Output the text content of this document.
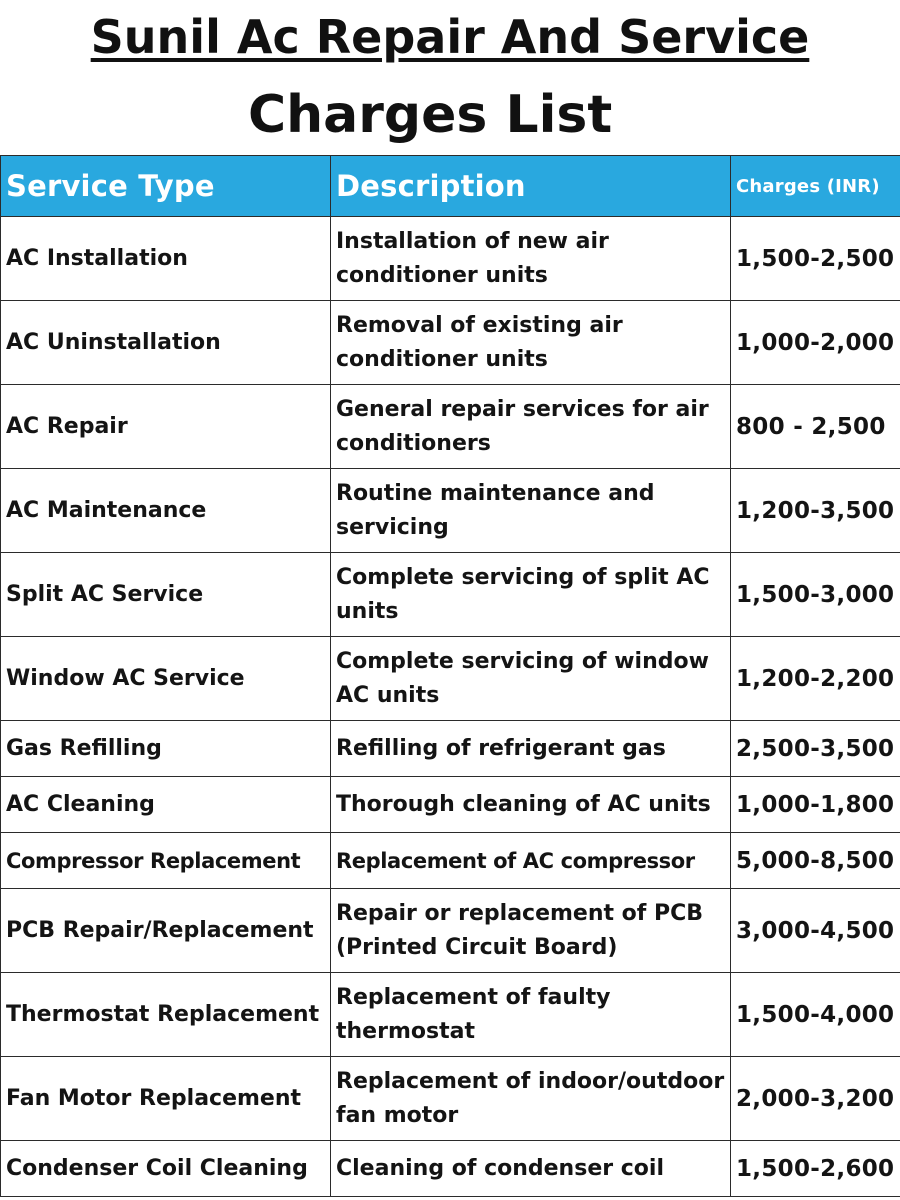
Sunil Ac Repair And Service
Charges List
Service Type	Description	Charges (INR)
AC Installation	Installation of new air conditioner units	1,500-2,500
AC Uninstallation	Removal of existing air conditioner units	1,000-2,000
AC Repair	General repair services for air conditioners	800 - 2,500
AC Maintenance	Routine maintenance and servicing	1,200-3,500
Split AC Service	Complete servicing of split AC units	1,500-3,000
Window AC Service	Complete servicing of window AC units	1,200-2,200
Gas Refilling	Refilling of refrigerant gas	2,500-3,500
AC Cleaning	Thorough cleaning of AC units	1,000-1,800
Compressor Replacement	Replacement of AC compressor	5,000-8,500
PCB Repair/Replacement	Repair or replacement of PCB (Printed Circuit Board)	3,000-4,500
Thermostat Replacement	Replacement of faulty thermostat	1,500-4,000
Fan Motor Replacement	Replacement of indoor/outdoor fan motor	2,000-3,200
Condenser Coil Cleaning	Cleaning of condenser coil	1,500-2,600
